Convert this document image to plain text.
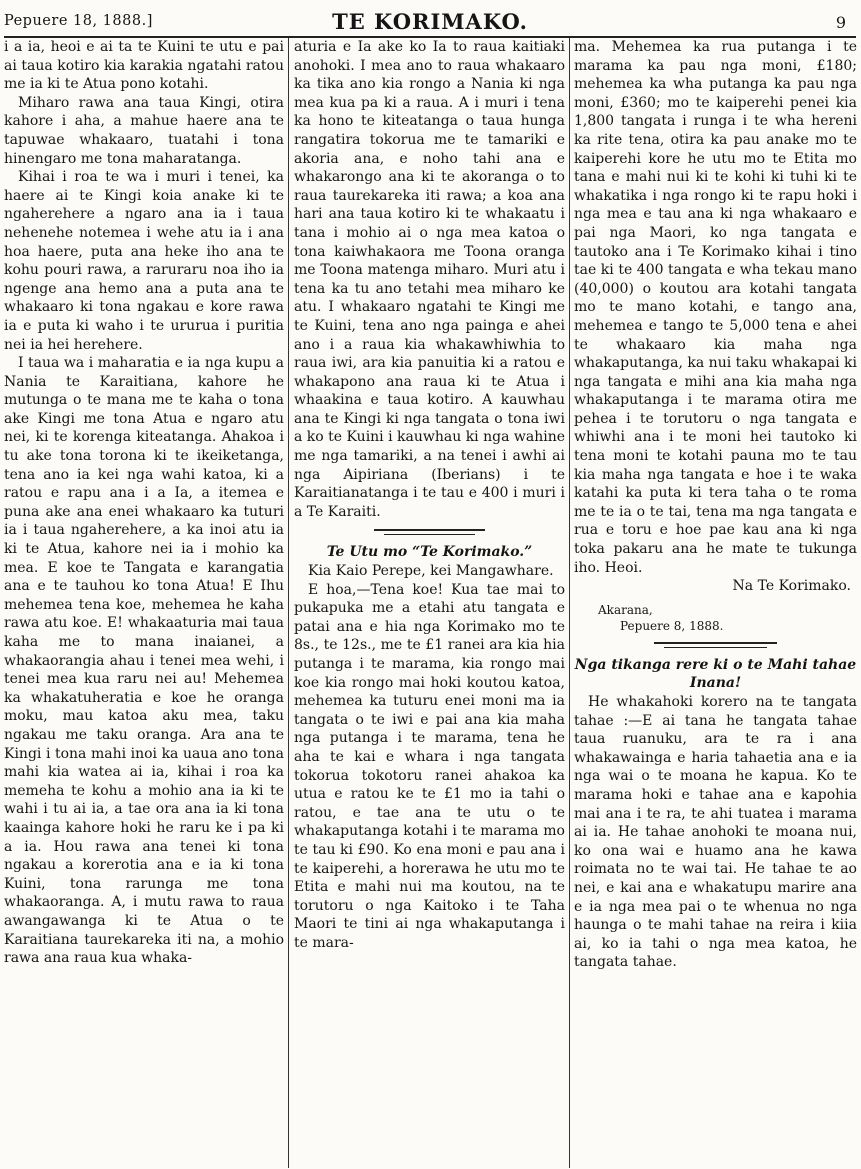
Pepuere 18, 1888.]	TE KORIMAKO.	9

i a ia, heoi e ai ta te Kuini te utu e pai ai taua kotiro kia karakia ngatahi ratou me ia ki te Atua pono kotahi.

Miharo rawa ana taua Kingi, otira kahore i aha, a mahue haere ana te tapuwae whakaaro, tuatahi i tona hinengaro me tona maharatanga.

Kihai i roa te wa i muri i tenei, ka haere ai te Kingi koia anake ki te ngaherehere a ngaro ana ia i taua nehenehe notemea i wehe atu ia i ana hoa haere, puta ana heke iho ana te kohu pouri rawa, a raruraru noa iho ia ngenge ana hemo ana a puta ana te whakaaro ki tona ngakau e kore rawa ia e puta ki waho i te ururua i puritia nei ia hei herehere.

I taua wa i maharatia e ia nga kupu a Nania te Karaitiana, kahore he mutunga o te mana me te kaha o tona ake Kingi me tona Atua e ngaro atu nei, ki te korenga kiteatanga. Ahakoa i tu ake tona torona ki te ikeiketanga, tena ano ia kei nga wahi katoa, ki a ratou e rapu ana i a Ia, a itemea e puna ake ana enei whakaaro ka tuturi ia i taua ngaherehere, a ka inoi atu ia ki te Atua, kahore nei ia i mohio ka mea. E koe te Tangata e karangatia ana e te tauhou ko tona Atua! E Ihu mehemea tena koe, mehemea he kaha rawa atu koe. E! whakaaturia mai taua kaha me to mana inaianei, a whakaorangia ahau i tenei mea wehi, i tenei mea kua raru nei au! Mehemea ka whakatuheratia e koe he oranga moku, mau katoa aku mea, taku ngakau me taku oranga. Ara ana te Kingi i tona mahi inoi ka uaua ano tona mahi kia watea ai ia, kihai i roa ka memeha te kohu a mohio ana ia ki te wahi i tu ai ia, a tae ora ana ia ki tona kaainga kahore hoki he raru ke i pa ki a ia. Hou rawa ana tenei ki tona ngakau a korerotia ana e ia ki tona Kuini, tona rarunga me tona whakaoranga. A, i mutu rawa to raua awangawanga ki te Atua o te Karaitiana taurekareka iti na, a mohio rawa ana raua kua whaka-

aturia e Ia ake ko Ia to raua kaitiaki anohoki. I mea ano to raua whakaaro ka tika ano kia rongo a Nania ki nga mea kua pa ki a raua. A i muri i tena ka hono te kiteatanga o taua hunga rangatira tokorua me te tamariki e akoria ana, e noho tahi ana e whakarongo ana ki te akoranga o to raua taurekareka iti rawa; a koa ana hari ana taua kotiro ki te whakaatu i tana i mohio ai o nga mea katoa o tona kaiwhakaora me Toona oranga me Toona matenga miharo. Muri atu i tena ka tu ano tetahi mea miharo ke atu. I whakaaro ngatahi te Kingi me te Kuini, tena ano nga painga e ahei ano i a raua kia whakawhiwhia to raua iwi, ara kia panuitia ki a ratou e whakapono ana raua ki te Atua i whaakina e taua kotiro. A kauwhau ana te Kingi ki nga tangata o tona iwi a ko te Kuini i kauwhau ki nga wahine me nga tamariki, a na tenei i awhi ai nga Aipiriana (Iberians) i te Karaitianatanga i te tau e 400 i muri i a Te Karaiti.

Te Utu mo “Te Korimako.”

Kia Kaio Perepe, kei Mangawhare.

E hoa,—Tena koe! Kua tae mai to pukapuka me a etahi atu tangata e patai ana e hia nga Korimako mo te 8s., te 12s., me te £1 ranei ara kia hia putanga i te marama, kia rongo mai koe kia rongo mai hoki koutou katoa, mehemea ka tuturu enei moni ma ia tangata o te iwi e pai ana kia maha nga putanga i te marama, tena he aha te kai e whara i nga tangata tokorua tokotoru ranei ahakoa ka utua e ratou ke te £1 mo ia tahi o ratou, e tae ana te utu o te whakaputanga kotahi i te marama mo te tau ki £90. Ko ena moni e pau ana i te kaiperehi, a horerawa he utu mo te Etita e mahi nui ma koutou, na te torutoru o nga Kaitoko i te Taha Maori te tini ai nga whakaputanga i te mara-

ma. Mehemea ka rua putanga i te marama ka pau nga moni, £180; mehemea ka wha putanga ka pau nga moni, £360; mo te kaiperehi penei kia 1,800 tangata i runga i te wha hereni ka rite tena, otira ka pau anake mo te kaiperehi kore he utu mo te Etita mo tana e mahi nui ki te kohi ki tuhi ki te whakatika i nga rongo ki te rapu hoki i nga mea e tau ana ki nga whakaaro e pai nga Maori, ko nga tangata e tautoko ana i Te Korimako kihai i tino tae ki te 400 tangata e wha tekau mano (40,000) o koutou ara kotahi tangata mo te mano kotahi, e tango ana, mehemea e tango te 5,000 tena e ahei te whakaaro kia maha nga whakaputanga, ka nui taku whakapai ki nga tangata e mihi ana kia maha nga whakaputanga i te marama otira me pehea i te torutoru o nga tangata e whiwhi ana i te moni hei tautoko ki tena moni te kotahi pauna mo te tau kia maha nga tangata e hoe i te waka katahi ka puta ki tera taha o te roma me te ia o te tai, tena ma nga tangata e rua e toru e hoe pae kau ana ki nga toka pakaru ana he mate te tukunga iho. Heoi.

Na Te Korimako.

Akarana,

Pepuere 8, 1888.

Nga tikanga rere ki o te Mahi tahae Inana!

He whakahoki korero na te tangata tahae :—E ai tana he tangata tahae taua ruanuku, ara te ra i ana whakawainga e haria tahaetia ana e ia nga wai o te moana he kapua. Ko te marama hoki e tahae ana e kapohia mai ana i te ra, te ahi tuatea i marama ai ia. He tahae anohoki te moana nui, ko ona wai e huamo ana he kawa roimata no te wai tai. He tahae te ao nei, e kai ana e whakatupu marire ana e ia nga mea pai o te whenua no nga haunga o te mahi tahae na reira i kiia ai, ko ia tahi o nga mea katoa, he tangata tahae.
